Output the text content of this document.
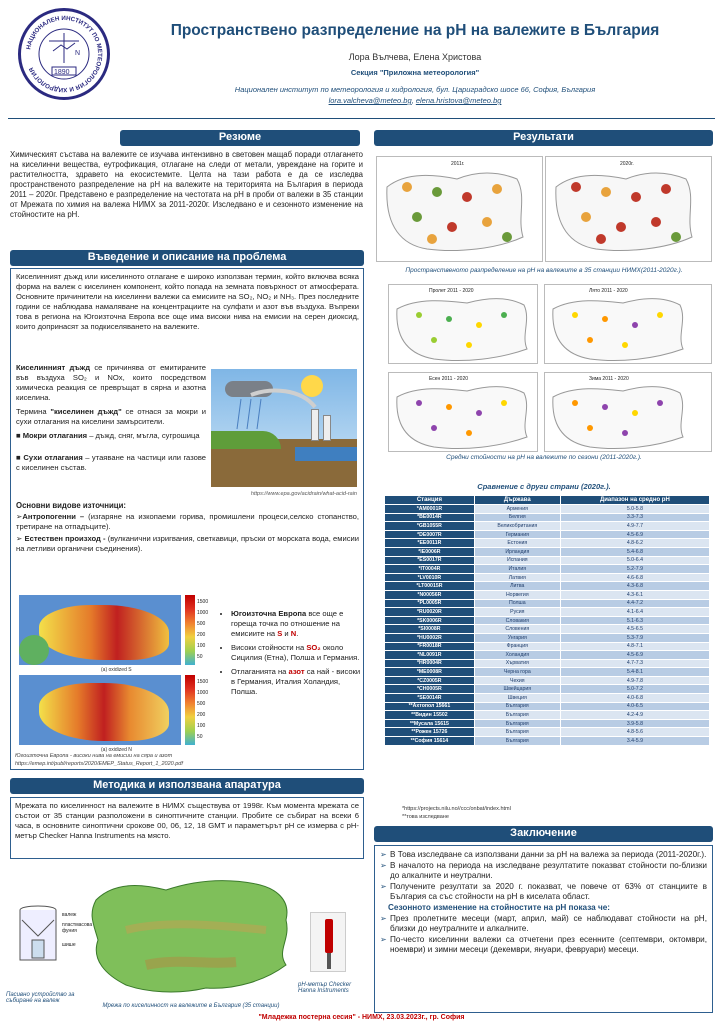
НАЦИОНАЛЕН ИНСТИТУТ ПО МЕТЕОРОЛОГИЯ И ХИДРОЛОГИЯ	1890
N
Пространствено разпределение на рН на валежите в България
Лора Вълчева, Елена Христова
Секция "Приложна метеорология"
Национален институт по метеорология и хидрология, бул. Цариградско шосе 66, София, България
lora.valcheva@meteo.bg, elena.hristova@meteo.bg
Резюме
Химическият състава на валежите се изучава интензивно в световен мащаб поради отлагането на киселинни вещества, еутрофикация, отлагане на следи от метали, увреждане на горите и растителността, здравето на екосистемите. Целта на тази работа е да се изследва пространственото разпределение на pH на валежите на територията на България в периода 2011 – 2020г. Представено е разпределение на честотата на pH в проби от валежи в 35 станции от Мрежата по химия на валежа НИМХ за 2011-2020г. Изследвано е и сезонното изменение на стойностите на pH.
Въведение и описание на проблема
Киселинният дъжд или киселинното отлагане е широко използван термин, който включва всяка форма на валеж с киселинен компонент, който попада на земната повърхност от атмосферата. Основните причинители на киселинни валежи са емисиите на SO₂, NO₂ и NH₃. През последните години се наблюдава намаляване на концентрациите на сулфати и азот във въздуха. Въпреки това в региона на Югоизточна Европа все още има високи нива на емисии на серен диоксид, които допринасят за подкиселяването на валежите.
Киселинният дъжд се причинява от емитираните във въздуха SO₂ и NOx, които посредством химическа реакция се превръщат в сярна и азотна киселина.
Термина "киселинен дъжд" се отнася за мокри и сухи отлагания на киселини замърсители.
■ Мокри отлагания – дъжд, сняг, мъгла, сугрошица
■ Сухи отлагания – утаяване на частици или газове с киселинен състав.
https://www.epa.gov/acidrain/what-acid-rain
Основни видове източници:
➢Антропогенни – (изгаряне на изкопаеми горива, промишлени процеси,селско стопанство, третиране на отпадъците).
➢ Естествен произход - (вулканични изригвания, светкавици, пръски от морската вода, емисии на летливи органични съединения).
(a) oxidized S
(a) oxidized N
1500
1000
500
200
100
50
1500
1000
500
200
100
50
• Югоизточна Европа все още е горещa точка по отношение на емисиите на S и N.
• Високи стойности на SO₂ около Сицилия (Етна), Полша и Германия.
• Отлаганията на азот са най - високи в Германия, Италия Холандия, Полша.
Югоизточна Европа - високи нива на емисии на сяра и азот
https://emep.int/publ/reports/2020/EMEP_Status_Report_1_2020.pdf
Методика и използвана апаратура
Мрежата по киселинност на валежите в НИМХ съществува от 1998г. Към момента мрежата се състои от 35 станции разположени в синоптичните станции. Пробите се събират на всеки 6 часа, в основните синоптични срокове 00, 06, 12, 18 GMT и параметърът pH се измерва с pH-метър Checker Hanna Instruments на място.
валеж
пластмасова фуния
шише
Пасивно устройство за събиране на валеж
Мрежа по киселинност на валежите в България (35 станции)
pH-метър Checker Hanna Instruments
Результати
2011г.	2020г.
Пространственото разпределение на рН на валежите в 35 станции НИМХ(2011-2020г.).
Пролет 2011 - 2020	Лято 2011 - 2020
Есен 2011 - 2020	Зима 2011 - 2020
Средни стойности на рН на валежите по сезони (2011-2020г.).
Сравнение с други страни (2020г.).
Станция	Държава	Диапазон на средно рН
*AM0001R	Армения	5.0-5.8
*BE0014R	Белгия	3.3-7.3
*GB1055R	Великобритания	4.9-7.7
*DE0007R	Германия	4.5-6.9
*EE0011R	Естония	4.8-6.2
*IE0006R	Ирландия	5.4-6.8
*ES0017R	Испания	5.0-6.4
*IT0004R	Италия	5.2-7.9
*LV0010R	Латвия	4.6-6.8
*LT00015R	Литва	4.3-6.8
*N00056R	Норвегия	4.3-6.1
*PL0005R	Полша	4.4-7.2
*RU0020R	Русия	4.1-6.4
*SK0006R	Словакия	5.1-6.3
*SI0008R	Словения	4.5-6.5
*HU0002R	Унгария	5.3-7.9
*FR0018R	Франция	4.8-7.1
*NL0091R	Холандия	4.5-6.9
*HR0004R	Хърватия	4.7-7.3
*ME0008R	Черна гора	5.4-8.1
*CZ0005R	Чехия	4.9-7.8
*CH0005R	Швейцария	5.0-7.2
*SE0014R	Швеция	4.0-6.8
**Ахтопол 15661	България	4.0-6.5
**Видин 15502	България	4.2-4.9
**Мусала 15615	България	3.9-5.8
**Рожен 15726	България	4.8-5.6
**София 15614	България	3.4-5.9
*https://projects.nilu.no//ccc/onbat/index.html
**това изследване
Заключение
➢ В Това изследване са използвани данни за рН на валежа за периода (2011-2020г.).
➢ В началото на периода на изследване резултатите показват стойности по-близки до алкалните и неутрални.
➢ Получените резултати за 2020 г. показват, че повече от 63% от станциите в България са със стойности на рН в киселата област.
Сезонното изменение на стойностите на рН показа че:
➢ През пролетните месеци (март, април, май) се наблюдават стойности на рН, близки до неутралните и алкалните.
➢ По-често киселинни валежи са отчетени през есенните (септември, октомври, ноември) и зимни месеци (декември, януари, февруари) месеци.
"Младежка постерна сесия" - НИМХ, 23.03.2023г., гр. София
